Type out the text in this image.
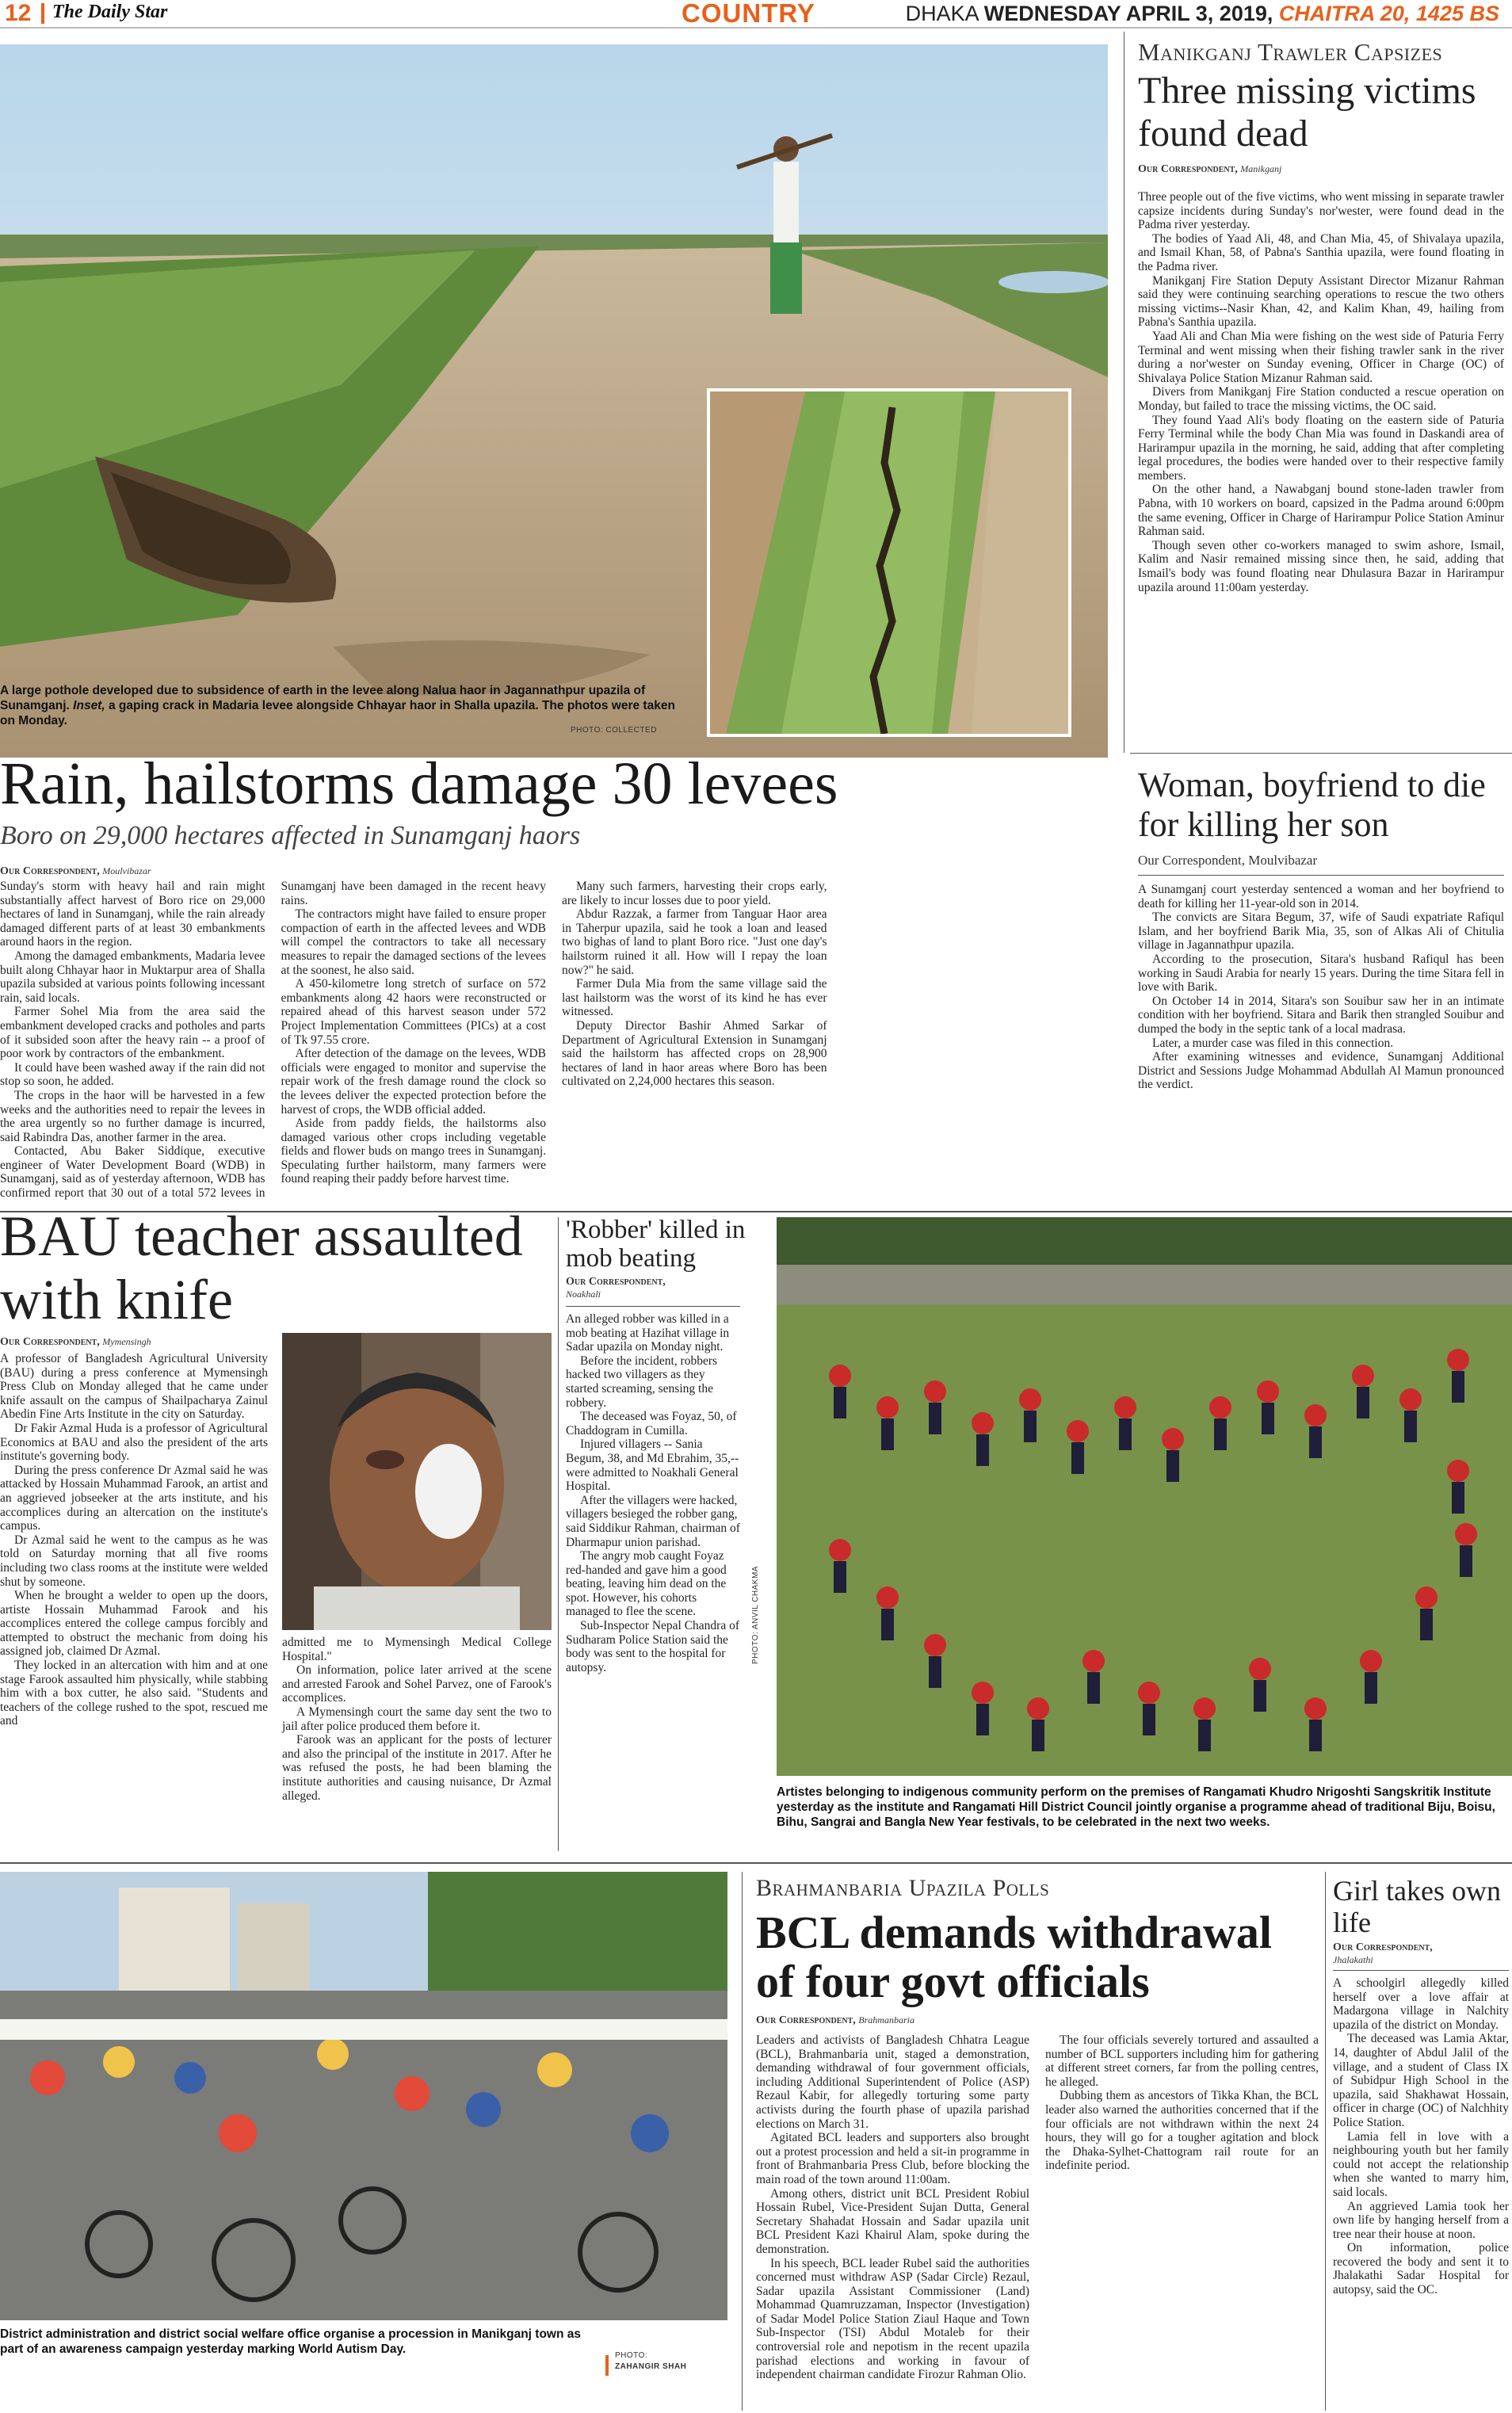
12 The Daily Star	COUNTRY	DHAKA WEDNESDAY APRIL 3, 2019, CHAITRA 20, 1425 BS
A large pothole developed due to subsidence of earth in the levee along Nalua haor in Jagannathpur upazila of Sunamganj. Inset, a gaping crack in Madaria levee alongside Chhayar haor in Shalla upazila. The photos were taken on Monday.
PHOTO: COLLECTED
Manikganj Trawler Capsizes
Three missing victims found dead
Our Correspondent, Manikganj

Three people out of the five victims, who went missing in separate trawler capsize incidents during Sunday's nor'wester, were found dead in the Padma river yesterday.

The bodies of Yaad Ali, 48, and Chan Mia, 45, of Shivalaya upazila, and Ismail Khan, 58, of Pabna's Santhia upazila, were found floating in the Padma river.

Manikganj Fire Station Deputy Assistant Director Mizanur Rahman said they were continuing searching operations to rescue the two others missing victims--Nasir Khan, 42, and Kalim Khan, 49, hailing from Pabna's Santhia upazila.

Yaad Ali and Chan Mia were fishing on the west side of Paturia Ferry Terminal and went missing when their fishing trawler sank in the river during a nor'wester on Sunday evening, Officer in Charge (OC) of Shivalaya Police Station Mizanur Rahman said.

Divers from Manikganj Fire Station conducted a rescue operation on Monday, but failed to trace the missing victims, the OC said.

They found Yaad Ali's body floating on the eastern side of Paturia Ferry Terminal while the body Chan Mia was found in Daskandi area of Harirampur upazila in the morning, he said, adding that after completing legal procedures, the bodies were handed over to their respective family members.

On the other hand, a Nawabganj bound stone-laden trawler from Pabna, with 10 workers on board, capsized in the Padma around 6:00pm the same evening, Officer in Charge of Harirampur Police Station Aminur Rahman said.

Though seven other co-workers managed to swim ashore, Ismail, Kalim and Nasir remained missing since then, he said, adding that Ismail's body was found floating near Dhulasura Bazar in Harirampur upazila around 11:00am yesterday.

Rain, hailstorms damage 30 levees
Boro on 29,000 hectares affected in Sunamganj haors
Our Correspondent, Moulvibazar

Sunday's storm with heavy hail and rain might substantially affect harvest of Boro rice on 29,000 hectares of land in Sunamganj, while the rain already damaged different parts of at least 30 embankments around haors in the region.

Among the damaged embankments, Madaria levee built along Chhayar haor in Muktarpur area of Shalla upazila subsided at various points following incessant rain, said locals.

Farmer Sohel Mia from the area said the embankment developed cracks and potholes and parts of it subsided soon after the heavy rain -- a proof of poor work by contractors of the embankment.

It could have been washed away if the rain did not stop so soon, he added.

The crops in the haor will be harvested in a few weeks and the authorities need to repair the levees in the area urgently so no further damage is incurred, said Rabindra Das, another farmer in the area.

Contacted, Abu Baker Siddique, executive engineer of Water Development Board (WDB) in Sunamganj, said as of yesterday afternoon, WDB has confirmed report that 30 out of a total 572 levees in Sunamganj have been damaged in the recent heavy rains.

The contractors might have failed to ensure proper compaction of earth in the affected levees and WDB will compel the contractors to take all necessary measures to repair the damaged sections of the levees at the soonest, he also said.

A 450-kilometre long stretch of surface on 572 embankments along 42 haors were reconstructed or repaired ahead of this harvest season under 572 Project Implementation Committees (PICs) at a cost of Tk 97.55 crore.

After detection of the damage on the levees, WDB officials were engaged to monitor and supervise the repair work of the fresh damage round the clock so the levees deliver the expected protection before the harvest of crops, the WDB official added.

Aside from paddy fields, the hailstorms also damaged various other crops including vegetable fields and flower buds on mango trees in Sunamganj. Speculating further hailstorm, many farmers were found reaping their paddy before harvest time.

Many such farmers, harvesting their crops early, are likely to incur losses due to poor yield.

Abdur Razzak, a farmer from Tanguar Haor area in Taherpur upazila, said he took a loan and leased two bighas of land to plant Boro rice. "Just one day's hailstorm ruined it all. How will I repay the loan now?" he said.

Farmer Dula Mia from the same village said the last hailstorm was the worst of its kind he has ever witnessed.

Deputy Director Bashir Ahmed Sarkar of Department of Agricultural Extension in Sunamganj said the hailstorm has affected crops on 28,900 hectares of land in haor areas where Boro has been cultivated on 2,24,000 hectares this season.

Woman, boyfriend to die for killing her son
Our Correspondent, Moulvibazar

A Sunamganj court yesterday sentenced a woman and her boyfriend to death for killing her 11-year-old son in 2014.

The convicts are Sitara Begum, 37, wife of Saudi expatriate Rafiqul Islam, and her boyfriend Barik Mia, 35, son of Alkas Ali of Chitulia village in Jagannathpur upazila.

According to the prosecution, Sitara's husband Rafiqul has been working in Saudi Arabia for nearly 15 years. During the time Sitara fell in love with Barik.

On October 14 in 2014, Sitara's son Souibur saw her in an intimate condition with her boyfriend. Sitara and Barik then strangled Souibur and dumped the body in the septic tank of a local madrasa.

Later, a murder case was filed in this connection.

After examining witnesses and evidence, Sunamganj Additional District and Sessions Judge Mohammad Abdullah Al Mamun pronounced the verdict.

BAU teacher assaulted with knife
Our Correspondent, Mymensingh

A professor of Bangladesh Agricultural University (BAU) during a press conference at Mymensingh Press Club on Monday alleged that he came under knife assault on the campus of Shailpacharya Zainul Abedin Fine Arts Institute in the city on Saturday.

Dr Fakir Azmal Huda is a professor of Agricultural Economics at BAU and also the president of the arts institute's governing body.

During the press conference Dr Azmal said he was attacked by Hossain Muhammad Farook, an artist and an aggrieved jobseeker at the arts institute, and his accomplices during an altercation on the institute's campus.

Dr Azmal said he went to the campus as he was told on Saturday morning that all five rooms including two class rooms at the institute were welded shut by someone.

When he brought a welder to open up the doors, artiste Hossain Muhammad Farook and his accomplices entered the college campus forcibly and attempted to obstruct the mechanic from doing his assigned job, claimed Dr Azmal.

They locked in an altercation with him and at one stage Farook assaulted him physically, while stabbing him with a box cutter, he also said. "Students and teachers of the college rushed to the spot, rescued me and

admitted me to Mymensingh Medical College Hospital."

On information, police later arrived at the scene and arrested Farook and Sohel Parvez, one of Farook's accomplices.

A Mymensingh court the same day sent the two to jail after police produced them before it.

Farook was an applicant for the posts of lecturer and also the principal of the institute in 2017. After he was refused the posts, he had been blaming the institute authorities and causing nuisance, Dr Azmal alleged.

'Robber' killed in mob beating
Our Correspondent,
Noakhali

An alleged robber was killed in a mob beating at Hazihat village in Sadar upazila on Monday night.

Before the incident, robbers hacked two villagers as they started screaming, sensing the robbery.

The deceased was Foyaz, 50, of Chaddogram in Cumilla.

Injured villagers -- Sania Begum, 38, and Md Ebrahim, 35,--were admitted to Noakhali General Hospital.

After the villagers were hacked, villagers besieged the robber gang, said Siddikur Rahman, chairman of Dharmapur union parishad.

The angry mob caught Foyaz red-handed and gave him a good beating, leaving him dead on the spot. However, his cohorts managed to flee the scene.

Sub-Inspector Nepal Chandra of Sudharam Police Station said the body was sent to the hospital for autopsy.

PHOTO: ANVIL CHAKMA
Artistes belonging to indigenous community perform on the premises of Rangamati Khudro Nrigoshti Sangskritik Institute yesterday as the institute and Rangamati Hill District Council jointly organise a programme ahead of traditional Biju, Boisu, Bihu, Sangrai and Bangla New Year festivals, to be celebrated in the next two weeks.
District administration and district social welfare office organise a procession in Manikganj town as part of an awareness campaign yesterday marking World Autism Day.	PHOTO:
ZAHANGIR SHAH
Brahmanbaria Upazila Polls
BCL demands withdrawal of four govt officials
Our Correspondent, Brahmanbaria

Leaders and activists of Bangladesh Chhatra League (BCL), Brahmanbaria unit, staged a demonstration, demanding withdrawal of four government officials, including Additional Superintendent of Police (ASP) Rezaul Kabir, for allegedly torturing some party activists during the fourth phase of upazila parishad elections on March 31.

Agitated BCL leaders and supporters also brought out a protest procession and held a sit-in programme in front of Brahmanbaria Press Club, before blocking the main road of the town around 11:00am.

Among others, district unit BCL President Robiul Hossain Rubel, Vice-President Sujan Dutta, General Secretary Shahadat Hossain and Sadar upazila unit BCL President Kazi Khairul Alam, spoke during the demonstration.

In his speech, BCL leader Rubel said the authorities concerned must withdraw ASP (Sadar Circle) Rezaul, Sadar upazila Assistant Commissioner (Land) Mohammad Quamruzzaman, Inspector (Investigation) of Sadar Model Police Station Ziaul Haque and Town Sub-Inspector (TSI) Abdul Motaleb for their controversial role and nepotism in the recent upazila parishad elections and working in favour of independent chairman candidate Firozur Rahman Olio.

The four officials severely tortured and assaulted a number of BCL supporters including him for gathering at different street corners, far from the polling centres, he alleged.

Dubbing them as ancestors of Tikka Khan, the BCL leader also warned the authorities concerned that if the four officials are not withdrawn within the next 24 hours, they will go for a tougher agitation and block the Dhaka-Sylhet-Chattogram rail route for an indefinite period.

Girl takes own life
Our Correspondent,
Jhalakathi

A schoolgirl allegedly killed herself over a love affair at Madargona village in Nalchity upazila of the district on Monday.

The deceased was Lamia Aktar, 14, daughter of Abdul Jalil of the village, and a student of Class IX of Subidpur High School in the upazila, said Shakhawat Hossain, officer in charge (OC) of Nalchhity Police Station.

Lamia fell in love with a neighbouring youth but her family could not accept the relationship when she wanted to marry him, said locals.

An aggrieved Lamia took her own life by hanging herself from a tree near their house at noon.

On information, police recovered the body and sent it to Jhalakathi Sadar Hospital for autopsy, said the OC.
